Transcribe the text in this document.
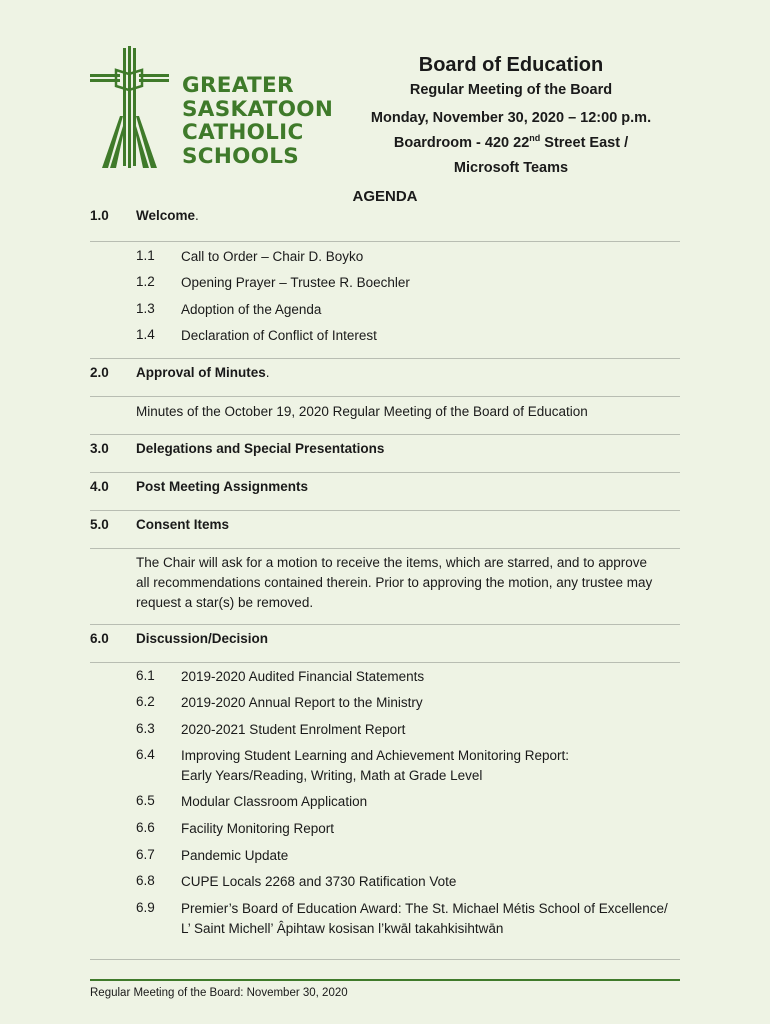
GREATER
SASKATOON
CATHOLIC
SCHOOLS
Board of Education
Regular Meeting of the Board
Monday, November 30, 2020 – 12:00 p.m.
Boardroom - 420 22nd Street East /
Microsoft Teams
AGENDA
1.0 Welcome.
1.1 Call to Order – Chair D. Boyko
1.2 Opening Prayer – Trustee R. Boechler
1.3 Adoption of the Agenda
1.4 Declaration of Conflict of Interest
2.0 Approval of Minutes.
Minutes of the October 19, 2020 Regular Meeting of the Board of Education
3.0 Delegations and Special Presentations
4.0 Post Meeting Assignments
5.0 Consent Items
The Chair will ask for a motion to receive the items, which are starred, and to approve
all recommendations contained therein. Prior to approving the motion, any trustee may
request a star(s) be removed.
6.0 Discussion/Decision
6.1 2019-2020 Audited Financial Statements
6.2 2019-2020 Annual Report to the Ministry
6.3 2020-2021 Student Enrolment Report
6.4 Improving Student Learning and Achievement Monitoring Report:
Early Years/Reading, Writing, Math at Grade Level
6.5 Modular Classroom Application
6.6 Facility Monitoring Report
6.7 Pandemic Update
6.8 CUPE Locals 2268 and 3730 Ratification Vote
6.9 Premier’s Board of Education Award: The St. Michael Métis School of Excellence/
L’ Saint Michell’ Âpihtaw kosisan l’kwāl takahkisihtwān
Regular Meeting of the Board: November 30, 2020
